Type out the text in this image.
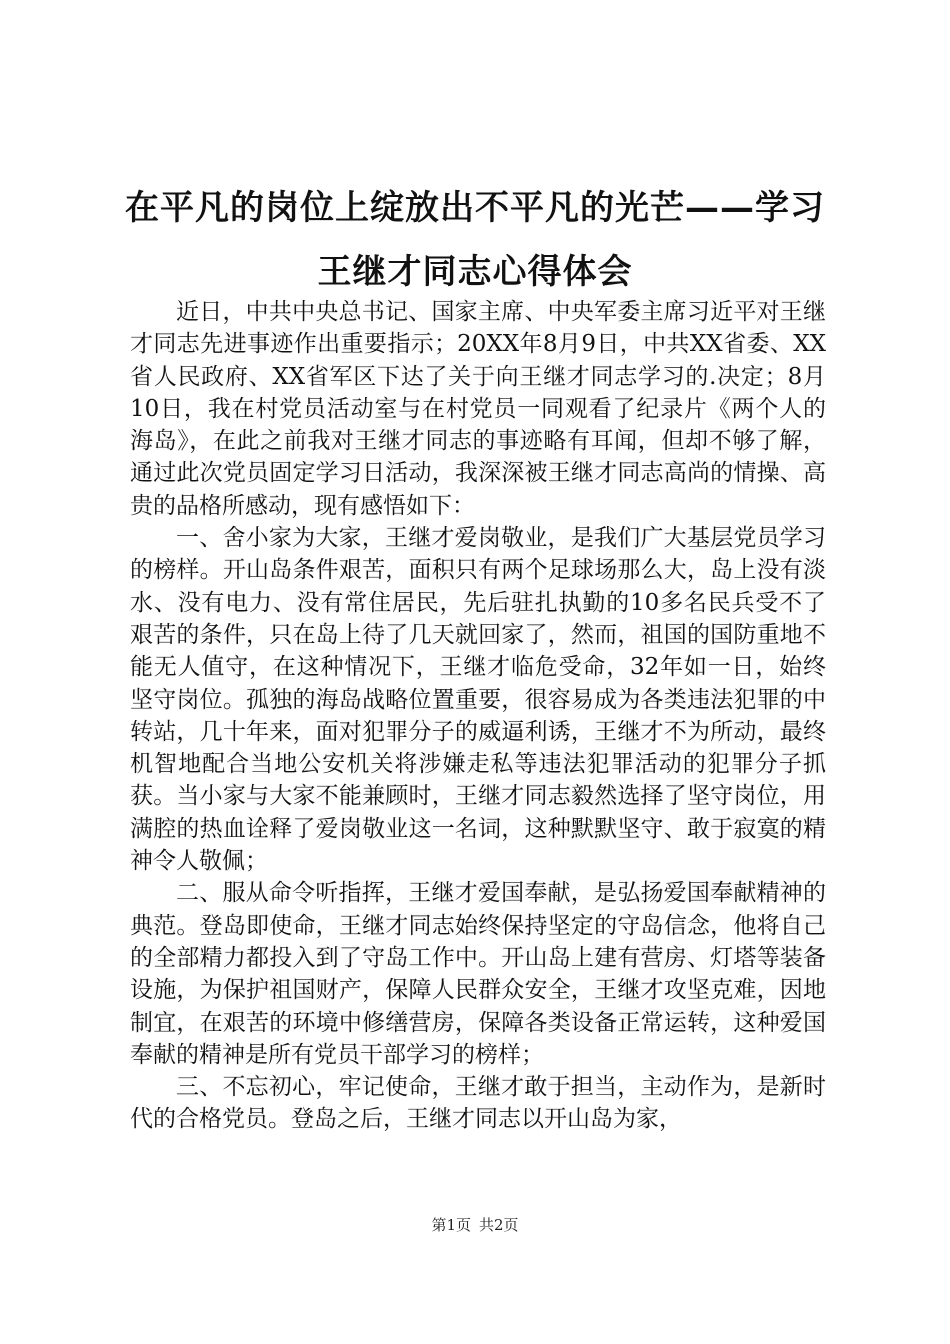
在平凡的岗位上绽放出不平凡的光芒——学习
王继才同志心得体会

近日，中共中央总书记、国家主席、中央军委主席习近平对王继才同志先进事迹作出重要指示；20XX年8月9日，中共XX省委、XX省人民政府、XX省军区下达了关于向王继才同志学习的.决定；8月10日，我在村党员活动室与在村党员一同观看了纪录片《两个人的海岛》，在此之前我对王继才同志的事迹略有耳闻，但却不够了解，通过此次党员固定学习日活动，我深深被王继才同志高尚的情操、高贵的品格所感动，现有感悟如下：

一、舍小家为大家，王继才爱岗敬业，是我们广大基层党员学习的榜样。开山岛条件艰苦，面积只有两个足球场那么大，岛上没有淡水、没有电力、没有常住居民，先后驻扎执勤的10多名民兵受不了艰苦的条件，只在岛上待了几天就回家了，然而，祖国的国防重地不能无人值守，在这种情况下，王继才临危受命，32年如一日，始终坚守岗位。孤独的海岛战略位置重要，很容易成为各类违法犯罪的中转站，几十年来，面对犯罪分子的威逼利诱，王继才不为所动，最终机智地配合当地公安机关将涉嫌走私等违法犯罪活动的犯罪分子抓获。当小家与大家不能兼顾时，王继才同志毅然选择了坚守岗位，用满腔的热血诠释了爱岗敬业这一名词，这种默默坚守、敢于寂寞的精神令人敬佩；

二、服从命令听指挥，王继才爱国奉献，是弘扬爱国奉献精神的典范。登岛即使命，王继才同志始终保持坚定的守岛信念，他将自己的全部精力都投入到了守岛工作中。开山岛上建有营房、灯塔等装备设施，为保护祖国财产，保障人民群众安全，王继才攻坚克难，因地制宜，在艰苦的环境中修缮营房，保障各类设备正常运转，这种爱国奉献的精神是所有党员干部学习的榜样；

三、不忘初心，牢记使命，王继才敢于担当，主动作为，是新时代的合格党员。登岛之后，王继才同志以开山岛为家，

第1页 共2页
